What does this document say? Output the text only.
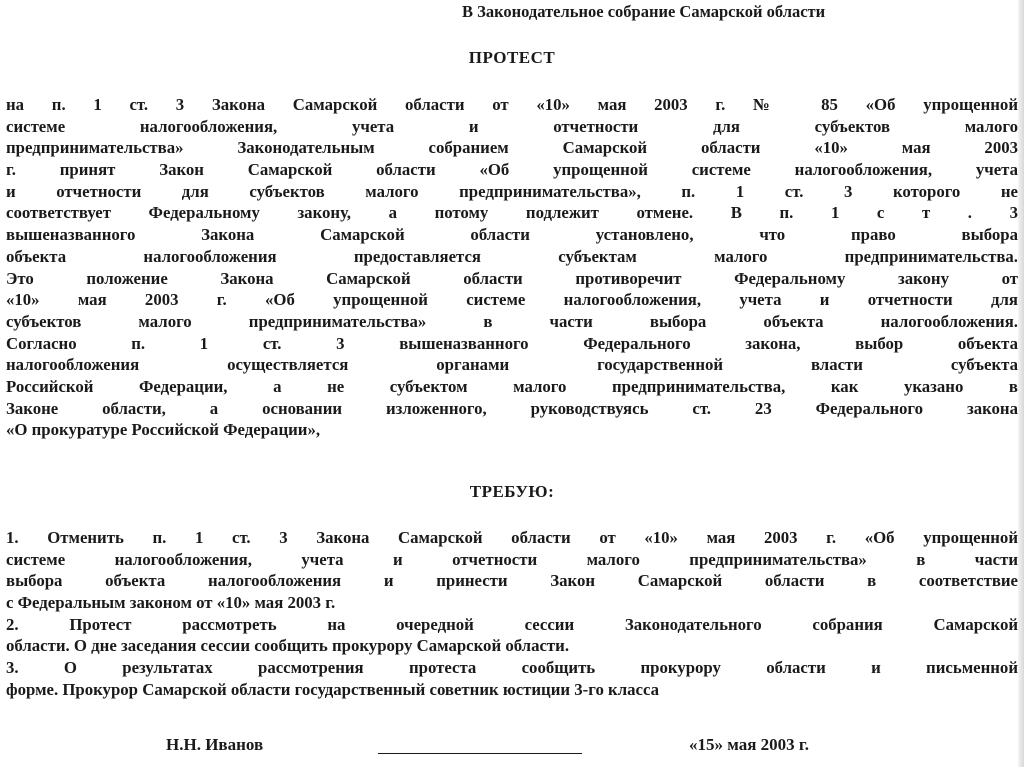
В Законодательное собрание Самарской области
ПРОТЕСТ
на п. 1 ст. 3 Закона Самарской области от «10» мая 2003 г. № 85 «Об упрощенной
системе налогообложения, учета и отчетности для субъектов малого
предпринимательства» Законодательным собранием Самарской области «10» мая 2003
г. принят Закон Самарской области «Об упрощенной системе налогообложения, учета
и отчетности для субъектов малого предпринимательства», п. 1 ст. 3 которого не
соответствует Федеральному закону, а потому подлежит отмене. В п. 1 с т . 3
вышеназванного Закона Самарской области установлено, что право выбора
объекта налогообложения предоставляется субъектам малого предпринимательства.
Это положение Закона Самарской области противоречит Федеральному закону от
«10» мая 2003 г. «Об упрощенной системе налогообложения, учета и отчетности для
субъектов малого предпринимательства» в части выбора объекта налогообложения.
Согласно п. 1 ст. 3 вышеназванного Федерального закона, выбор объекта
налогообложения осуществляется органами государственной власти субъекта
Российской Федерации, а не субъектом малого предпринимательства, как указано в
Законе области, а основании изложенного, руководствуясь ст. 23 Федерального закона
«О прокуратуре Российской Федерации»,
ТРЕБУЮ:
1. Отменить п. 1 ст. 3 Закона Самарской области от «10» мая 2003 г. «Об упрощенной
системе налогообложения, учета и отчетности малого предпринимательства» в части
выбора объекта налогообложения и принести Закон Самарской области в соответствие
с Федеральным законом от «10» мая 2003 г.
2. Протест рассмотреть на очередной сессии Законодательного собрания Самарской
области. О дне заседания сессии сообщить прокурору Самарской области.
3. О результатах рассмотрения протеста сообщить прокурору области и письменной
форме. Прокурор Самарской области государственный советник юстиции 3-го класса
Н.Н. Иванов	«15» мая 2003 г.
